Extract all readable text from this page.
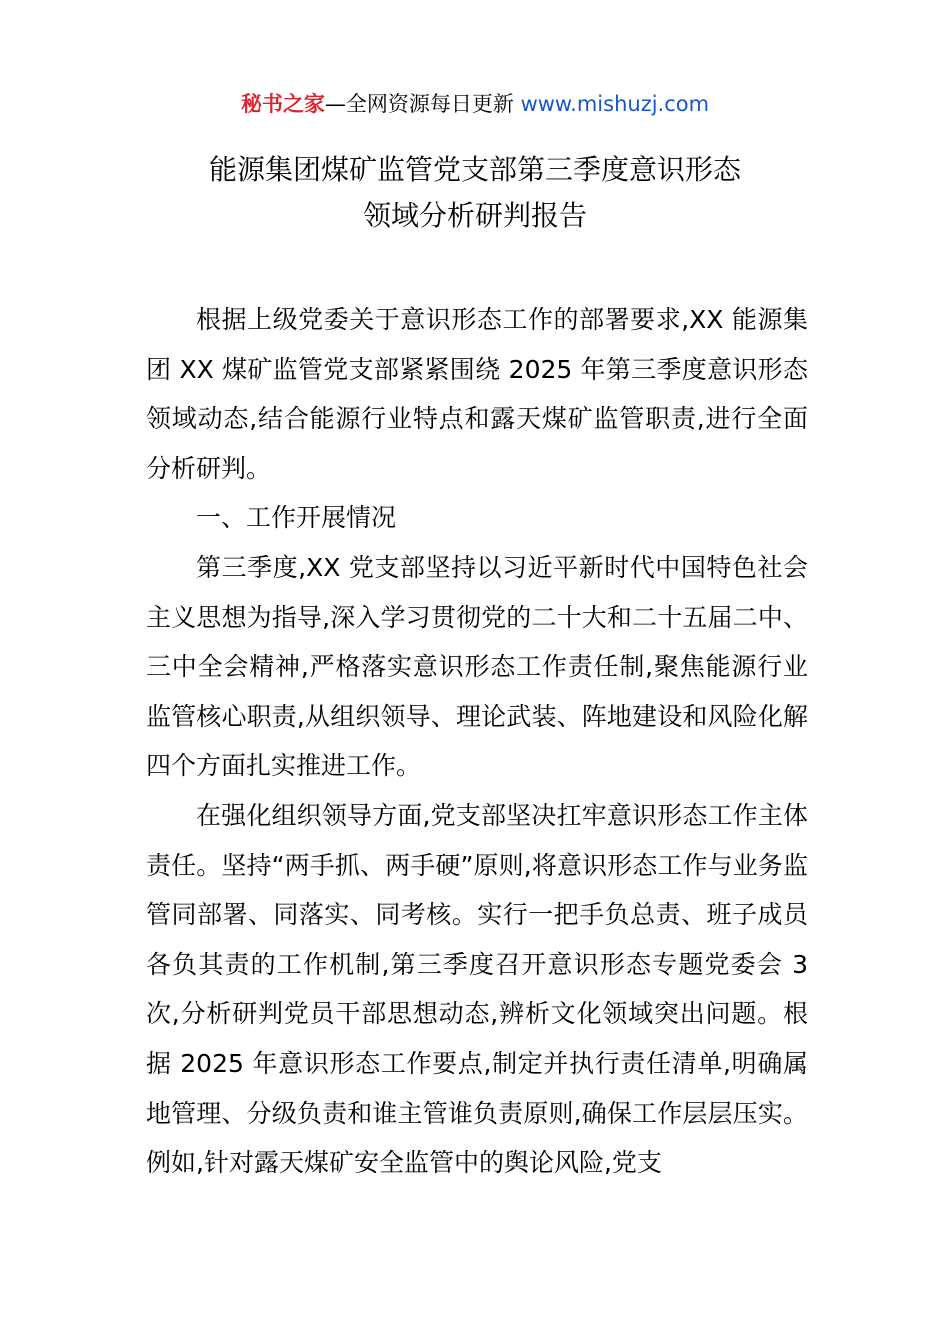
秘书之家—全网资源每日更新 www.mishuzj.com
能源集团煤矿监管党支部第三季度意识形态
领域分析研判报告

根据上级党委关于意识形态工作的部署要求,XX 能源集团 XX 煤矿监管党支部紧紧围绕 2025 年第三季度意识形态领域动态,结合能源行业特点和露天煤矿监管职责,进行全面分析研判。

一、工作开展情况

第三季度,XX 党支部坚持以习近平新时代中国特色社会主义思想为指导,深入学习贯彻党的二十大和二十五届二中、三中全会精神,严格落实意识形态工作责任制,聚焦能源行业监管核心职责,从组织领导、理论武装、阵地建设和风险化解四个方面扎实推进工作。

在强化组织领导方面,党支部坚决扛牢意识形态工作主体责任。坚持“两手抓、两手硬”原则,将意识形态工作与业务监管同部署、同落实、同考核。实行一把手负总责、班子成员各负其责的工作机制,第三季度召开意识形态专题党委会 3 次,分析研判党员干部思想动态,辨析文化领域突出问题。根据 2025 年意识形态工作要点,制定并执行责任清单,明确属地管理、分级负责和谁主管谁负责原则,确保工作层层压实。例如,针对露天煤矿安全监管中的舆论风险,党支
